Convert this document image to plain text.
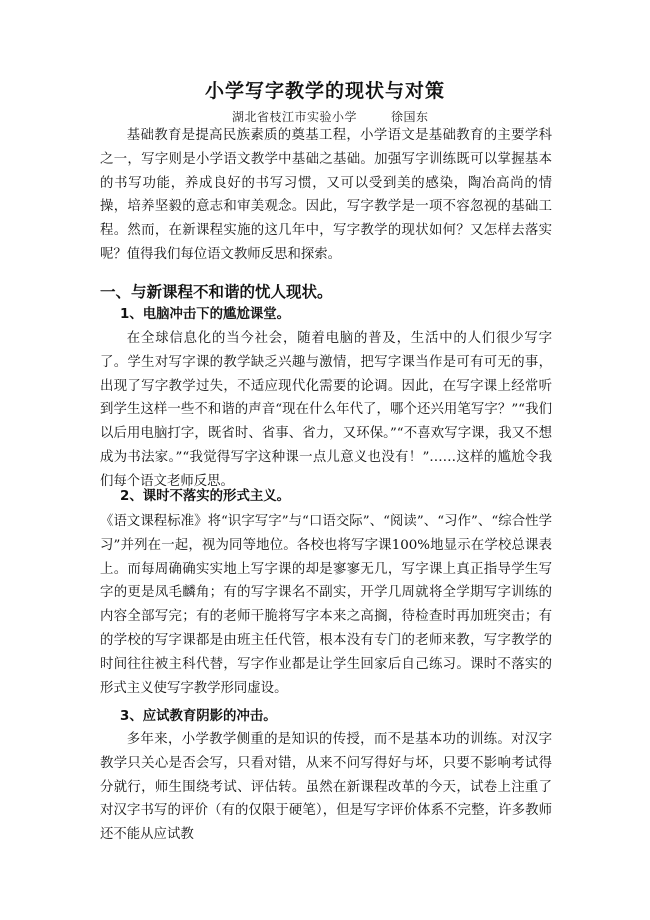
小学写字教学的现状与对策
湖北省枝江市实验小学	徐国东
基础教育是提高民族素质的奠基工程，小学语文是基础教育的主要学科之一，写字则是小学语文教学中基础之基础。加强写字训练既可以掌握基本的书写功能，养成良好的书写习惯，又可以受到美的感染，陶冶高尚的情操，培养坚毅的意志和审美观念。因此，写字教学是一项不容忽视的基础工程。然而，在新课程实施的这几年中，写字教学的现状如何？又怎样去落实呢？值得我们每位语文教师反思和探索。
一、与新课程不和谐的忧人现状。
1、电脑冲击下的尴尬课堂。
在全球信息化的当今社会，随着电脑的普及，生活中的人们很少写字了。学生对写字课的教学缺乏兴趣与激情，把写字课当作是可有可无的事，出现了写字教学过失，不适应现代化需要的论调。因此，在写字课上经常听到学生这样一些不和谐的声音“现在什么年代了，哪个还兴用笔写字？”“我们以后用电脑打字，既省时、省事、省力，又环保。”“不喜欢写字课，我又不想成为书法家。”“我觉得写字这种课一点儿意义也没有！”……这样的尴尬令我们每个语文老师反思。
2、课时不落实的形式主义。
《语文课程标准》将“识字写字”与“口语交际”、“阅读”、“习作”、“综合性学习”并列在一起，视为同等地位。各校也将写字课100%地显示在学校总课表上。而每周确确实实地上写字课的却是寥寥无几，写字课上真正指导学生写字的更是凤毛麟角；有的写字课名不副实，开学几周就将全学期写字训练的内容全部写完；有的老师干脆将写字本来之高搁，待检查时再加班突击；有的学校的写字课都是由班主任代管，根本没有专门的老师来教，写字教学的时间往往被主科代替，写字作业都是让学生回家后自己练习。课时不落实的形式主义使写字教学形同虚设。
3、应试教育阴影的冲击。
多年来，小学教学侧重的是知识的传授，而不是基本功的训练。对汉字教学只关心是否会写，只看对错，从来不问写得好与坏，只要不影响考试得分就行，师生围绕考试、评估转。虽然在新课程改革的今天，试卷上注重了对汉字书写的评价（有的仅限于硬笔），但是写字评价体系不完整，许多教师还不能从应试教
